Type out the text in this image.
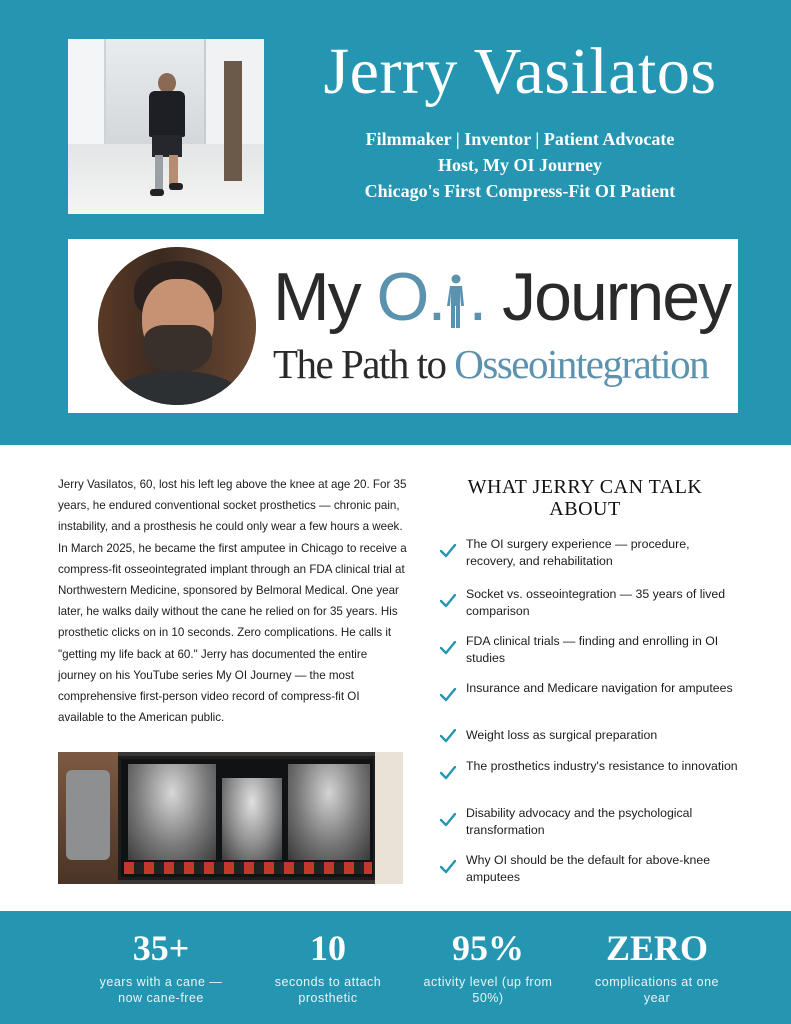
Jerry Vasilatos
Filmmaker | Inventor | Patient Advocate
Host, My OI Journey
Chicago's First Compress-Fit OI Patient
My O. . Journey
The Path to Osseointegration

Jerry Vasilatos, 60, lost his left leg above the knee at age 20. For 35 years, he endured conventional socket prosthetics — chronic pain, instability, and a prosthesis he could only wear a few hours a week. In March 2025, he became the first amputee in Chicago to receive a compress-fit osseointegrated implant through an FDA clinical trial at Northwestern Medicine, sponsored by Belmoral Medical. One year later, he walks daily without the cane he relied on for 35 years. His prosthetic clicks on in 10 seconds. Zero complications. He calls it "getting my life back at 60." Jerry has documented the entire journey on his YouTube series My OI Journey — the most comprehensive first-person video record of compress-fit OI available to the American public.

WHAT JERRY CAN TALK ABOUT
The OI surgery experience — procedure, recovery, and rehabilitation
Socket vs. osseointegration — 35 years of lived comparison
FDA clinical trials — finding and enrolling in OI studies
Insurance and Medicare navigation for amputees
Weight loss as surgical preparation
The prosthetics industry's resistance to innovation
Disability advocacy and the psychological transformation
Why OI should be the default for above-knee amputees
35+
years with a cane — now cane-free
10
seconds to attach prosthetic
95%
activity level (up from 50%)
ZERO
complications at one year
